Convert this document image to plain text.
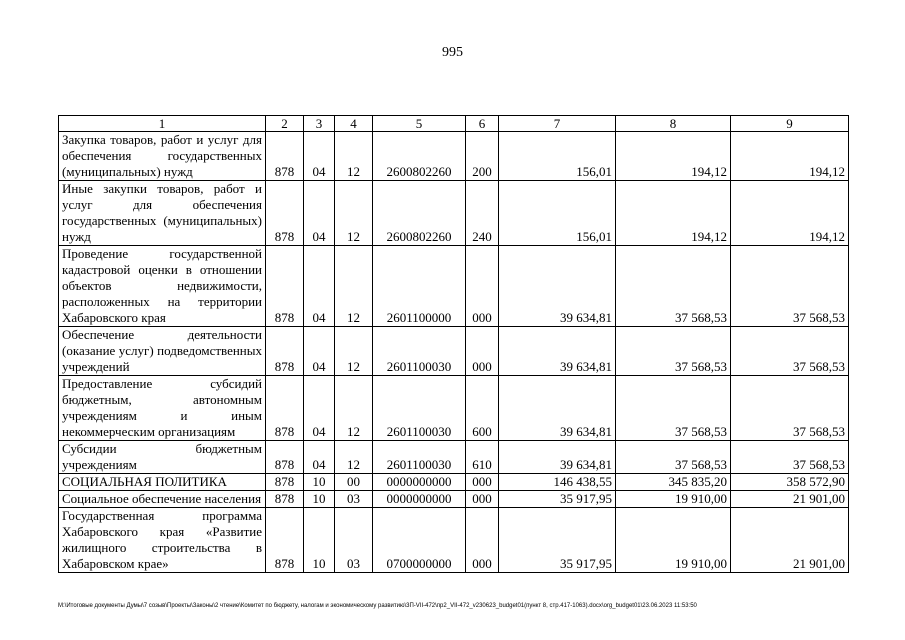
995
1	2	3	4	5	6	7	8	9
Закупка товаров, работ и услуг для обеспечения государственных (муниципальных) нужд	878	04	12	2600802260	200	156,01	194,12	194,12
Иные закупки товаров, работ и услуг для обеспечения государственных (муниципальных) нужд	878	04	12	2600802260	240	156,01	194,12	194,12
Проведение государственной кадастровой оценки в отношении объектов недвижимости, расположенных на территории Хабаровского края	878	04	12	2601100000	000	39 634,81	37 568,53	37 568,53
Обеспечение деятельности (оказание услуг) подведомственных учреждений	878	04	12	2601100030	000	39 634,81	37 568,53	37 568,53
Предоставление субсидий бюджетным, автономным учреждениям и иным некоммерческим организациям	878	04	12	2601100030	600	39 634,81	37 568,53	37 568,53
Субсидии бюджетным учреждениям	878	04	12	2601100030	610	39 634,81	37 568,53	37 568,53
СОЦИАЛЬНАЯ ПОЛИТИКА	878	10	00	0000000000	000	146 438,55	345 835,20	358 572,90
Социальное обеспечение населения	878	10	03	0000000000	000	35 917,95	19 910,00	21 901,00
Государственная программа Хабаровского края «Развитие жилищного строительства в Хабаровском крае»	878	10	03	0700000000	000	35 917,95	19 910,00	21 901,00
М:\Итоговые документы Думы\7 созыв\Проекты\Законы\2 чтение\Комитет по бюджету, налогам и экономическому развитию\3П-VII-472\пр2_VII-472_v230623_budget01(пункт 8, стр.417-1063).docx\org_budget01\23.06.2023 11:53:50
